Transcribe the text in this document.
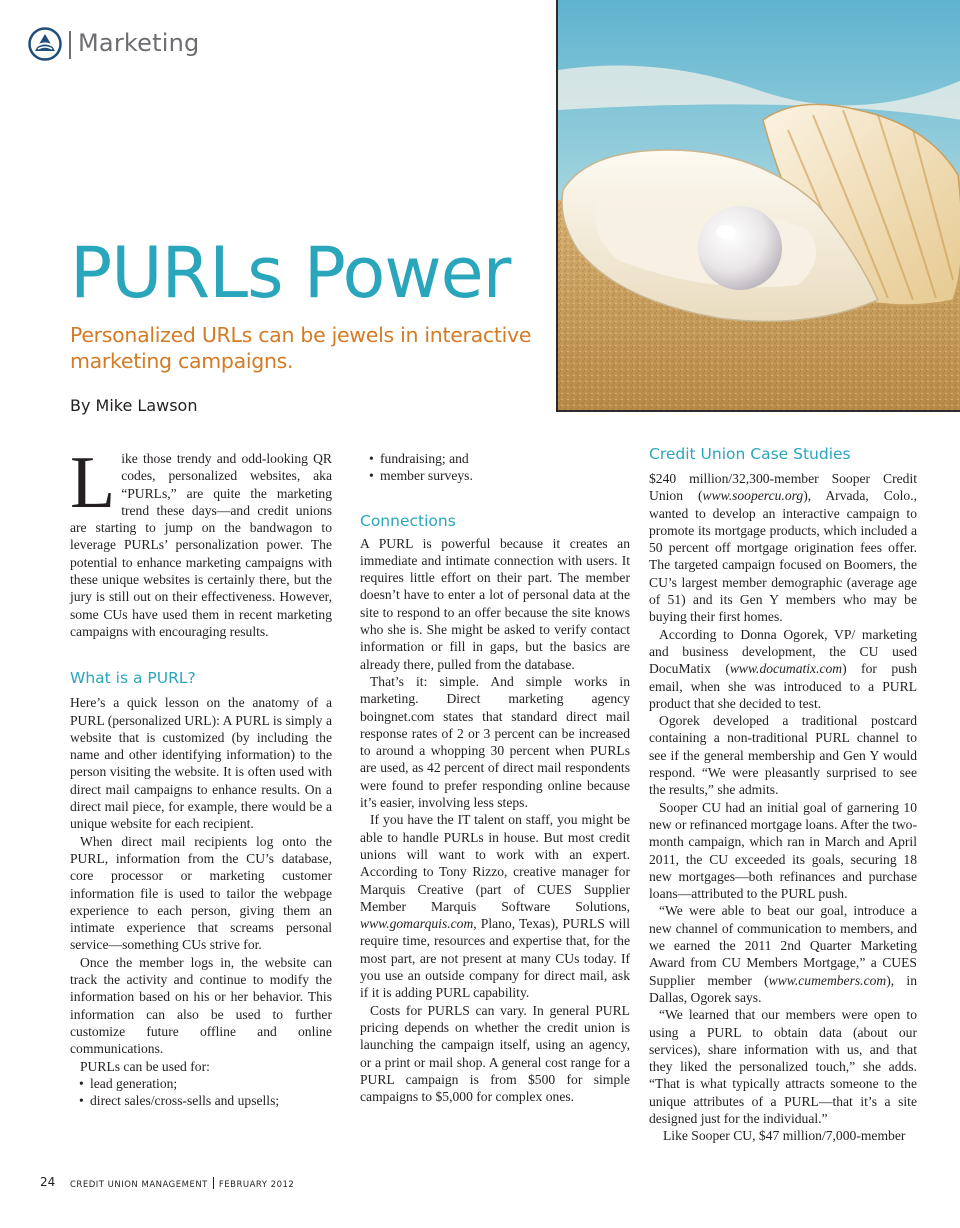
Marketing
PURLs Power

Personalized URLs can be jewels in interactive marketing campaigns.

By Mike Lawson

Like those trendy and odd-looking QR codes, personalized websites, aka “PURLs,” are quite the marketing trend these days—and credit unions are starting to jump on the bandwagon to leverage PURLs’ personalization power. The potential to enhance marketing campaigns with these unique websites is certainly there, but the jury is still out on their effectiveness. However, some CUs have used them in recent marketing campaigns with encouraging results.

What is a PURL?

Here’s a quick lesson on the anatomy of a PURL (personalized URL): A PURL is simply a website that is customized (by including the name and other identifying information) to the person visiting the website. It is often used with direct mail campaigns to enhance results. On a direct mail piece, for example, there would be a unique website for each recipient.

When direct mail recipients log onto the PURL, information from the CU’s database, core processor or marketing customer information file is used to tailor the webpage experience to each person, giving them an intimate experience that screams personal service—something CUs strive for.

Once the member logs in, the website can track the activity and continue to modify the information based on his or her behavior. This information can also be used to further customize future offline and online communications.

PURLs can be used for:

• lead generation;
• direct sales/cross-sells and upsells;
• fundraising; and
• member surveys.
Connections

A PURL is powerful because it creates an immediate and intimate connection with users. It requires little effort on their part. The member doesn’t have to enter a lot of personal data at the site to respond to an offer because the site knows who she is. She might be asked to verify contact information or fill in gaps, but the basics are already there, pulled from the database.

That’s it: simple. And simple works in marketing. Direct marketing agency boingnet.com states that standard direct mail response rates of 2 or 3 percent can be increased to around a whopping 30 percent when PURLs are used, as 42 percent of direct mail respondents were found to prefer responding online because it’s easier, involving less steps.

If you have the IT talent on staff, you might be able to handle PURLs in house. But most credit unions will want to work with an expert. According to Tony Rizzo, creative manager for Marquis Creative (part of CUES Supplier Member Marquis Software Solutions, www.gomarquis.com, Plano, Texas), PURLS will require time, resources and expertise that, for the most part, are not present at many CUs today. If you use an outside company for direct mail, ask if it is adding PURL capability.

Costs for PURLS can vary. In general PURL pricing depends on whether the credit union is launching the campaign itself, using an agency, or a print or mail shop. A general cost range for a PURL campaign is from $500 for simple campaigns to $5,000 for complex ones.

Credit Union Case Studies

$240 million/32,300-member Sooper Credit Union (www.soopercu.org), Arvada, Colo., wanted to develop an interactive campaign to promote its mortgage products, which included a 50 percent off mortgage origination fees offer. The targeted campaign focused on Boomers, the CU’s largest member demographic (average age of 51) and its Gen Y members who may be buying their first homes.

According to Donna Ogorek, VP/ marketing and business development, the CU used DocuMatix (www.documatix.com) for push email, when she was introduced to a PURL product that she decided to test.

Ogorek developed a traditional postcard containing a non-traditional PURL channel to see if the general membership and Gen Y would respond. “We were pleasantly surprised to see the results,” she admits.

Sooper CU had an initial goal of garnering 10 new or refinanced mortgage loans. After the two-month campaign, which ran in March and April 2011, the CU exceeded its goals, securing 18 new mortgages—both refinances and purchase loans—attributed to the PURL push.

“We were able to beat our goal, introduce a new channel of communication to members, and we earned the 2011 2nd Quarter Marketing Award from CU Members Mortgage,” a CUES Supplier member (www.cumembers.com), in Dallas, Ogorek says.

“We learned that our members were open to using a PURL to obtain data (about our services), share information with us, and that they liked the personalized touch,” she adds. “That is what typically attracts someone to the unique attributes of a PURL—that it’s a site designed just for the individual.”

Like Sooper CU, $47 million/7,000-member

24 CREDIT UNION MANAGEMENT FEBRUARY 2012
